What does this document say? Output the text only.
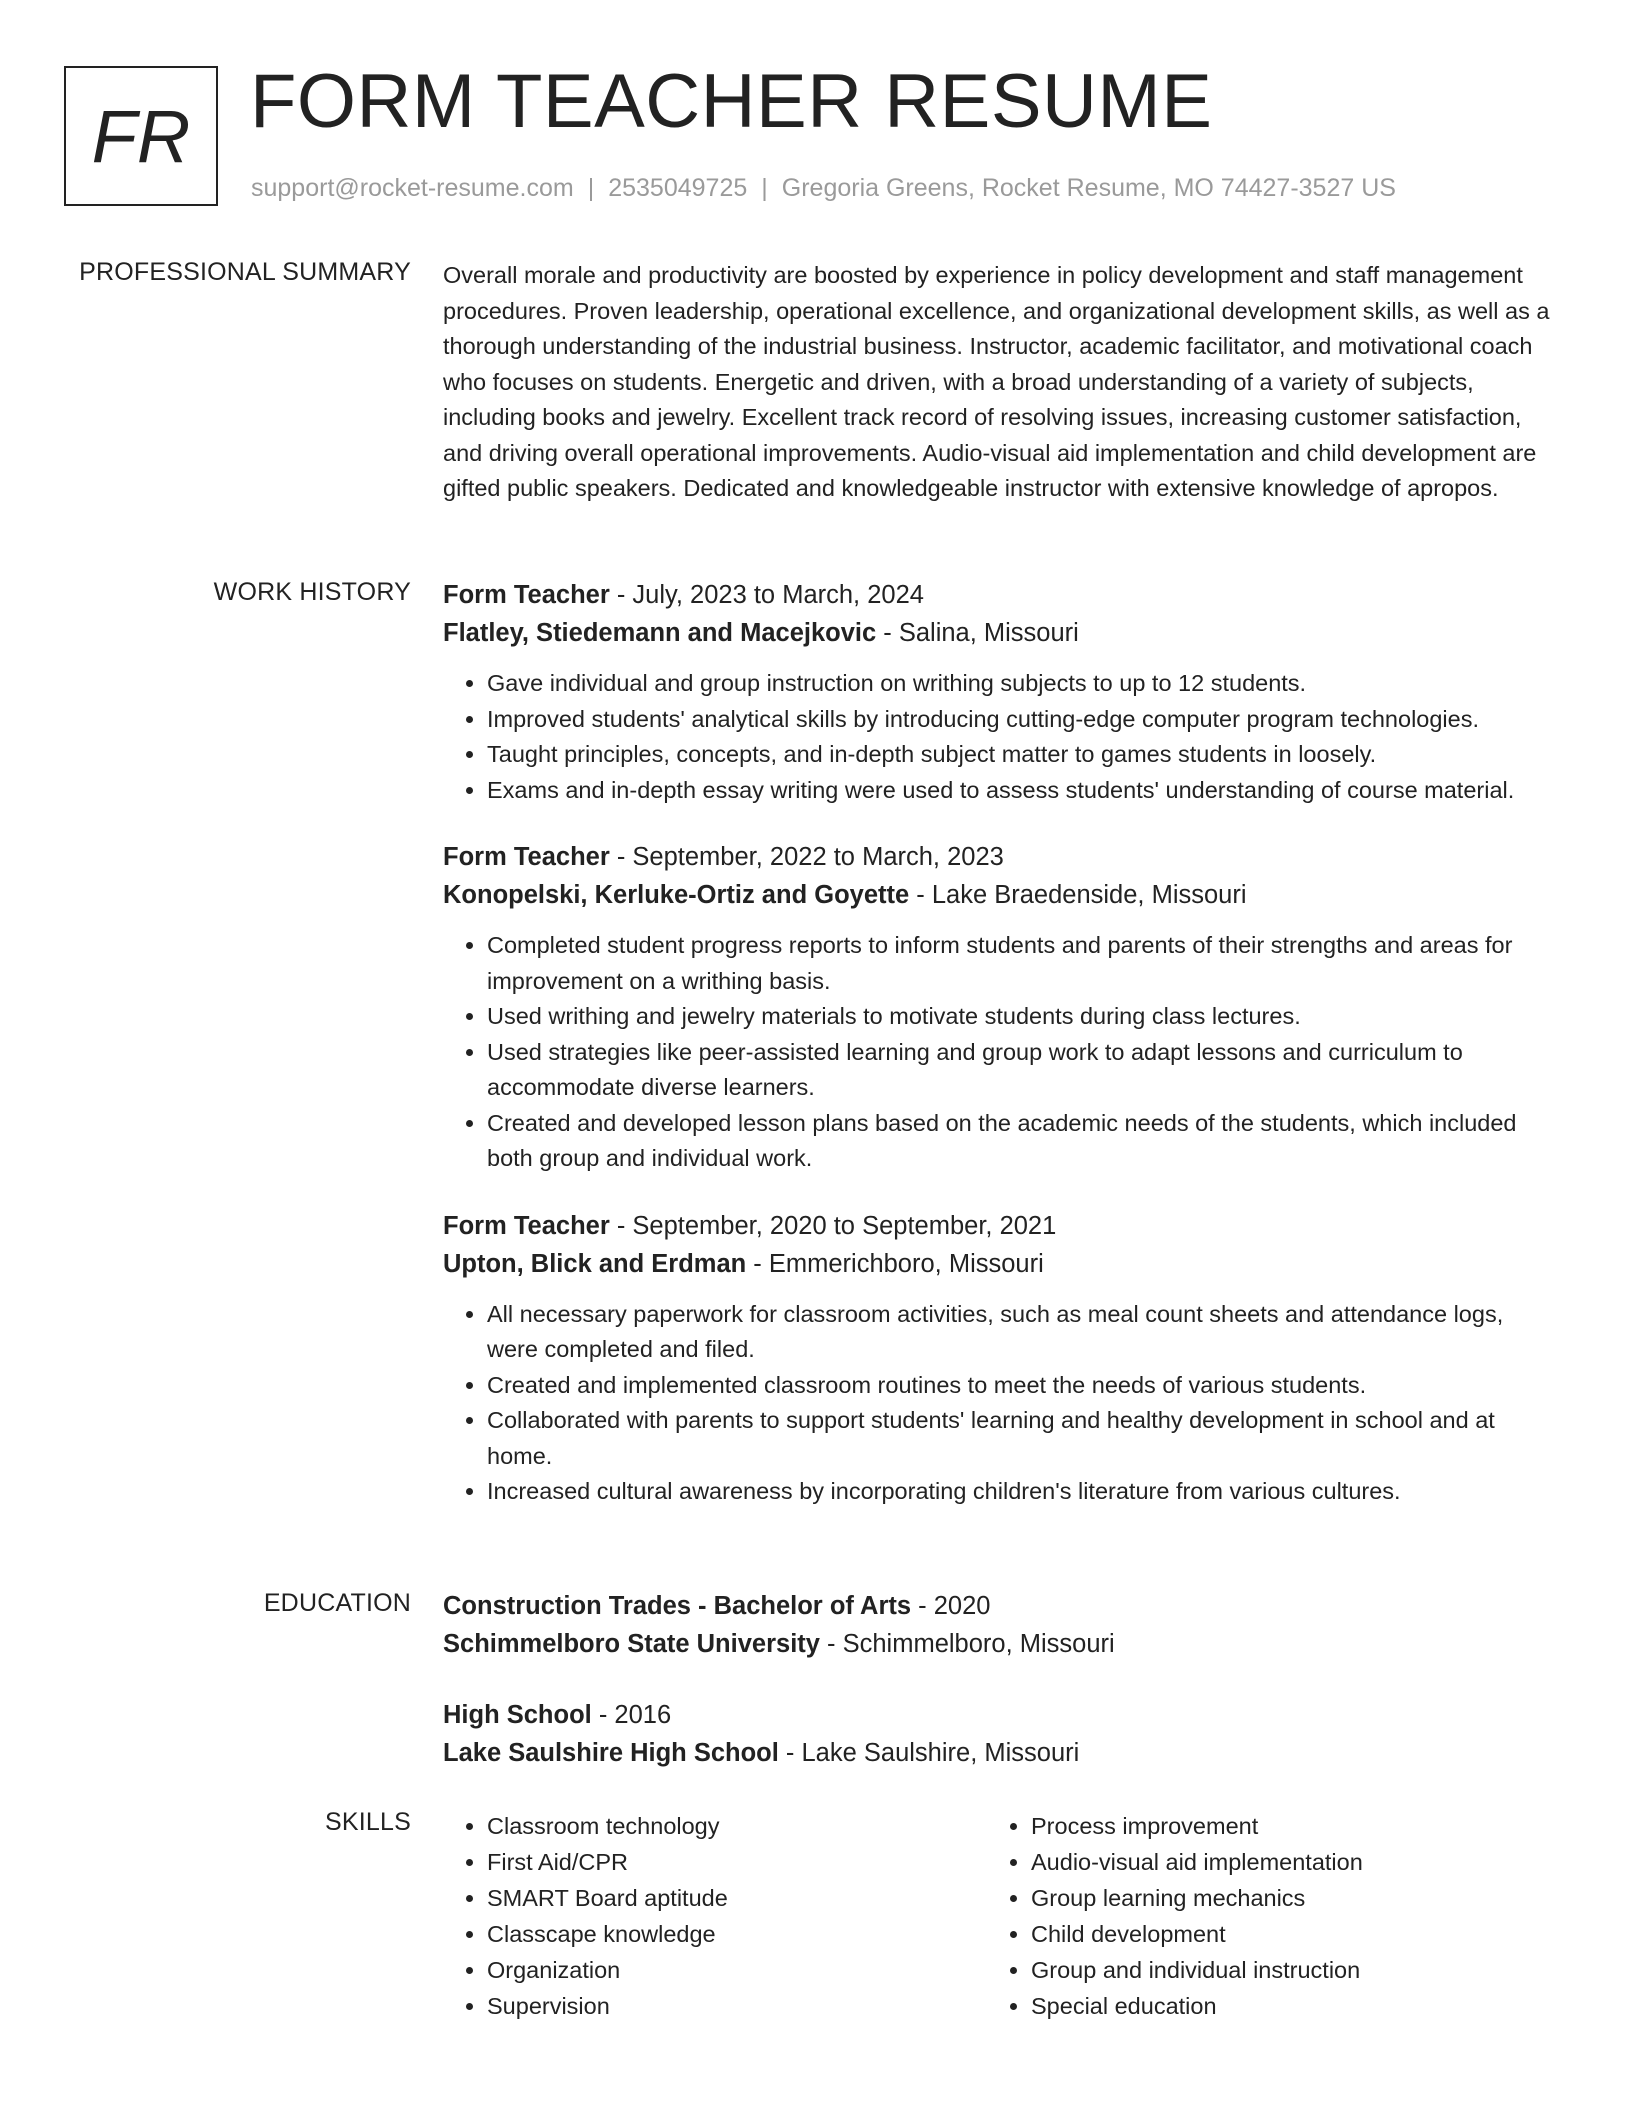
FR FORM TEACHER RESUME
support@rocket-resume.com | 2535049725 | Gregoria Greens, Rocket Resume, MO 74427-3527 US
PROFESSIONAL SUMMARY Overall morale and productivity are boosted by experience in policy development and staff management procedures. Proven leadership, operational excellence, and organizational development skills, as well as a thorough understanding of the industrial business. Instructor, academic facilitator, and motivational coach who focuses on students. Energetic and driven, with a broad understanding of a variety of subjects, including books and jewelry. Excellent track record of resolving issues, increasing customer satisfaction, and driving overall operational improvements. Audio-visual aid implementation and child development are gifted public speakers. Dedicated and knowledgeable instructor with extensive knowledge of apropos.

WORK HISTORY Form Teacher - July, 2023 to March, 2024
Flatley, Stiedemann and Macejkovic - Salina, Missouri
• Gave individual and group instruction on writhing subjects to up to 12 students.
• Improved students' analytical skills by introducing cutting-edge computer program technologies.
• Taught principles, concepts, and in-depth subject matter to games students in loosely.
• Exams and in-depth essay writing were used to assess students' understanding of course material.
Form Teacher - September, 2022 to March, 2023
Konopelski, Kerluke-Ortiz and Goyette - Lake Braedenside, Missouri
• Completed student progress reports to inform students and parents of their strengths and areas for improvement on a writhing basis.
• Used writhing and jewelry materials to motivate students during class lectures.
• Used strategies like peer-assisted learning and group work to adapt lessons and curriculum to accommodate diverse learners.
• Created and developed lesson plans based on the academic needs of the students, which included both group and individual work.
Form Teacher - September, 2020 to September, 2021
Upton, Blick and Erdman - Emmerichboro, Missouri
• All necessary paperwork for classroom activities, such as meal count sheets and attendance logs, were completed and filed.
• Created and implemented classroom routines to meet the needs of various students.
• Collaborated with parents to support students' learning and healthy development in school and at home.
• Increased cultural awareness by incorporating children's literature from various cultures.
EDUCATION Construction Trades - Bachelor of Arts - 2020
Schimmelboro State University - Schimmelboro, Missouri
High School - 2016
Lake Saulshire High School - Lake Saulshire, Missouri
SKILLS
•	Classroom technology
• First Aid/CPR
• SMART Board aptitude
• Classcape knowledge
• Organization
• Supervision
• Process improvement
• Audio-visual aid implementation
• Group learning mechanics
• Child development
• Group and individual instruction
• Special education
